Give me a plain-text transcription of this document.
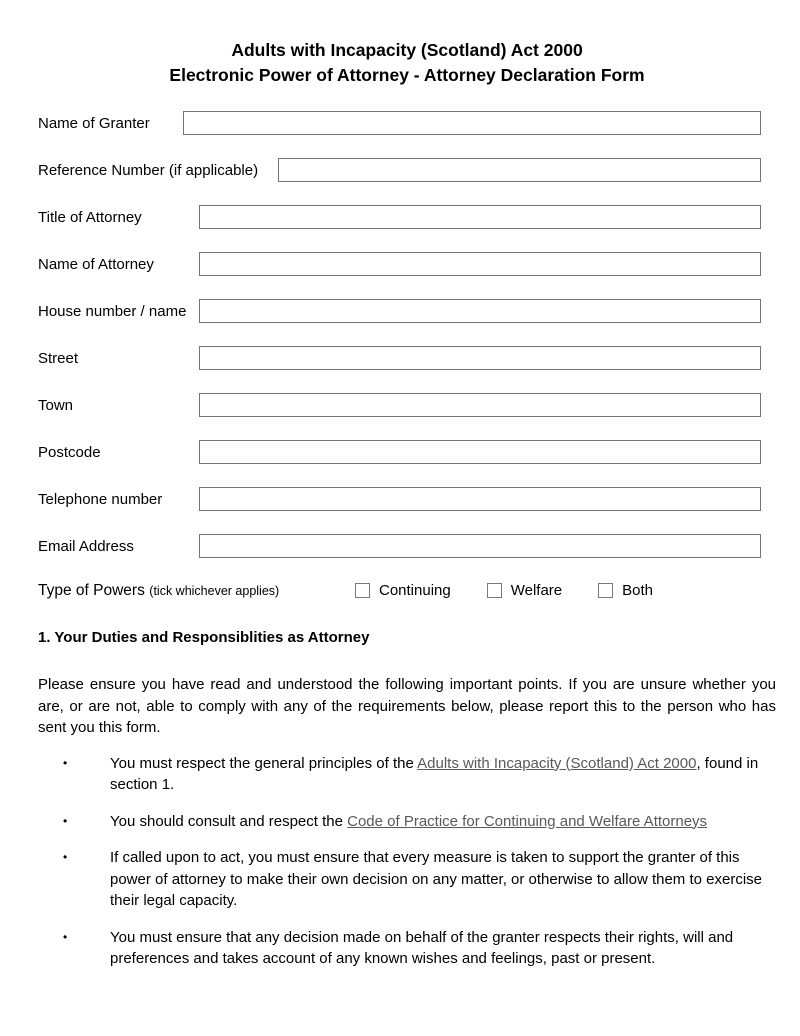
Adults with Incapacity (Scotland) Act 2000
Electronic Power of Attorney - Attorney Declaration Form
Name of Granter
Reference Number (if applicable)
Title of Attorney
Name of Attorney
House number / name
Street
Town
Postcode
Telephone number
Email Address
Type of Powers (tick whichever applies)	Continuing	Welfare	Both
1. Your Duties and Responsiblities as Attorney

Please ensure you have read and understood the following important points. If you are unsure whether you are, or are not, able to comply with any of the requirements below, please report this to the person who has sent you this form.

• You must respect the general principles of the Adults with Incapacity (Scotland) Act 2000, found in section 1.
• You should consult and respect the Code of Practice for Continuing and Welfare Attorneys
• If called upon to act, you must ensure that every measure is taken to support the granter of this power of attorney to make their own decision on any matter, or otherwise to allow them to exercise their legal capacity.
• You must ensure that any decision made on behalf of the granter respects their rights, will and preferences and takes account of any known wishes and feelings, past or present.
